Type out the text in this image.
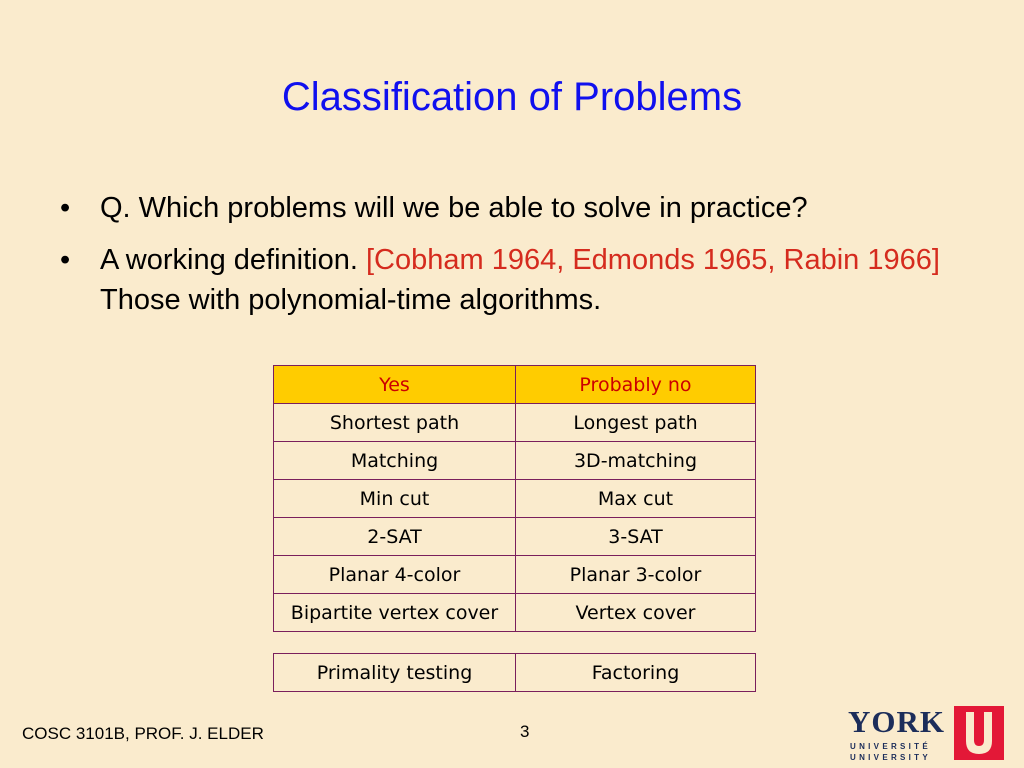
Classification of Problems
• Q. Which problems will we be able to solve in practice?
• A working definition. [Cobham 1964, Edmonds 1965, Rabin 1966] Those with polynomial-time algorithms.
Yes	Probably no
Shortest path	Longest path
Matching	3D-matching
Min cut	Max cut
2-SAT	3-SAT
Planar 4-color	Planar 3-color
Bipartite vertex cover	Vertex cover
Primality testing	Factoring
COSC 3101B, PROF. J. ELDER	3	YORK
UNIVERSITÉ
UNIVERSITY
